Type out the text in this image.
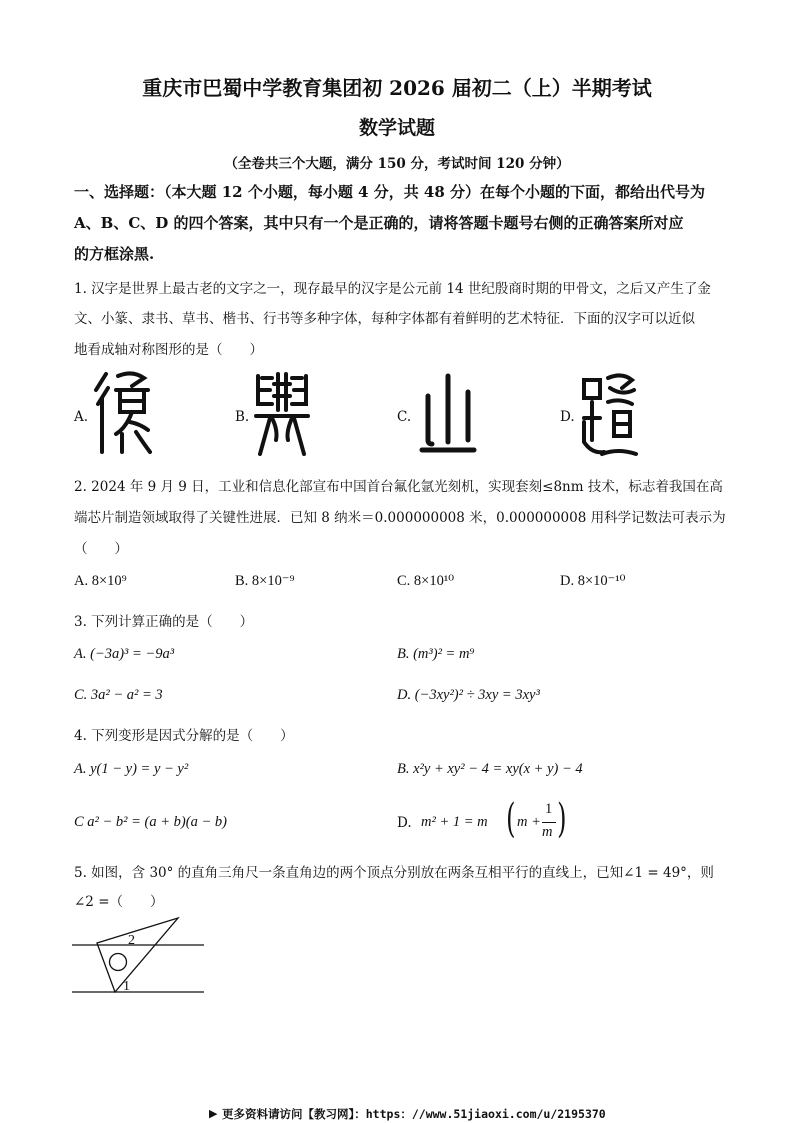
重庆市巴蜀中学教育集团初 2026 届初二（上）半期考试
数学试题
（全卷共三个大题，满分 150 分，考试时间 120 分钟）
一、选择题：（本大题 12 个小题，每小题 4 分，共 48 分）在每个小题的下面，都给出代号为
A、B、C、D 的四个答案，其中只有一个是正确的，请将答题卡题号右侧的正确答案所对应
的方框涂黑.
1. 汉字是世界上最古老的文字之一，现存最早的汉字是公元前 14 世纪殷商时期的甲骨文，之后又产生了金
文、小篆、隶书、草书、楷书、行书等多种字体，每种字体都有着鲜明的艺术特征．下面的汉字可以近似
地看成轴对称图形的是（　　）
A.	B.	C.	D.
2. 2024 年 9 月 9 日，工业和信息化部宣布中国首台氟化氩光刻机，实现套刻≤8nm 技术，标志着我国在高
端芯片制造领域取得了关键性进展．已知 8 纳米＝0.000000008 米，0.000000008 用科学记数法可表示为
（　　）
A. 8×10⁹	B. 8×10⁻⁹	C. 8×10¹⁰	D. 8×10⁻¹⁰
3. 下列计算正确的是（　　）
A. (−3a)³ = −9a³	B. (m³)² = m⁹
C. 3a² − a² = 3	D. (−3xy²)² ÷ 3xy = 3xy³
4. 下列变形是因式分解的是（　　）
A. y(1 − y) = y − y²	B. x²y + xy² − 4 = xy(x + y) − 4
C a² − b² = (a + b)(a − b)	D. m² + 1 = m ( m +
1
m )
5. 如图，含 30° 的直角三角尺一条直角边的两个顶点分别放在两条互相平行的直线上，已知∠1 = 49°，则
∠2 =（　　）
2
1
▶ 更多资料请访问【教习网】：https：//www.51jiaoxi.com/u/2195370
